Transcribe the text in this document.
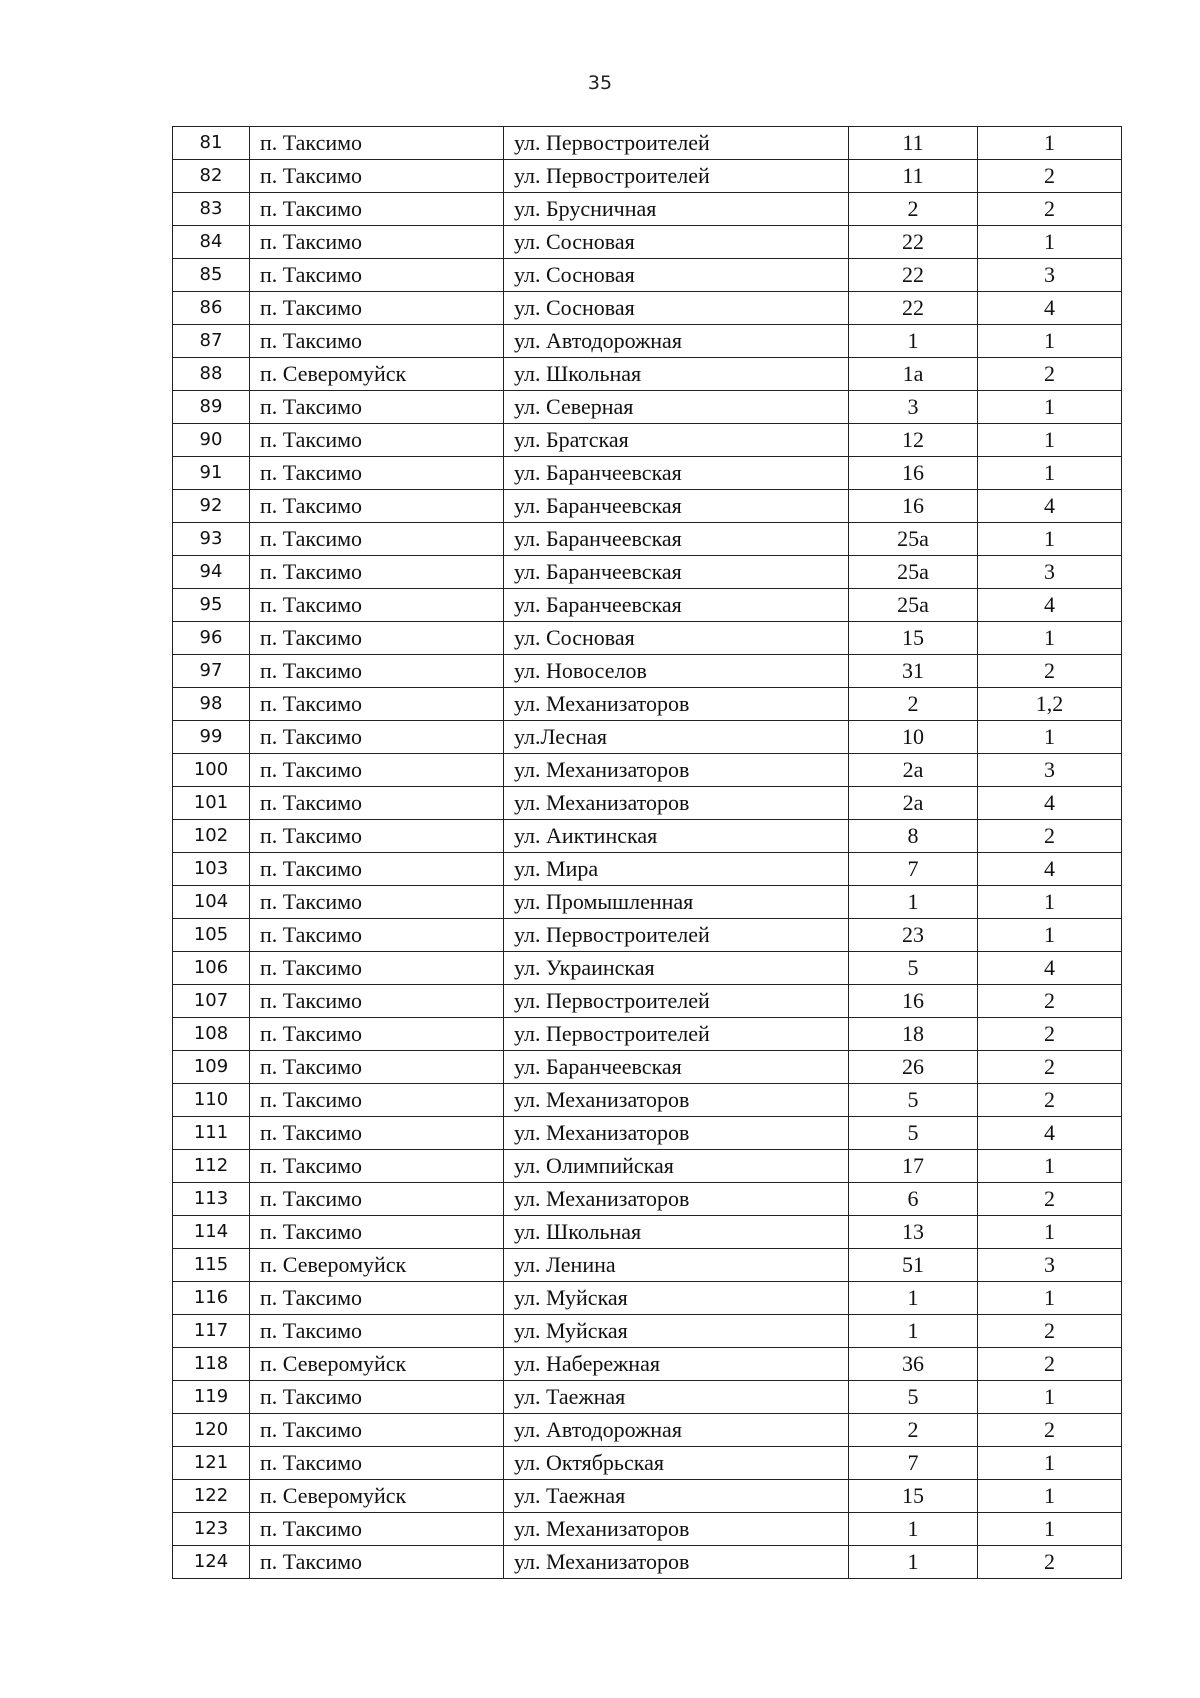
35
81	п. Таксимо	ул. Первостроителей	11	1
82	п. Таксимо	ул. Первостроителей	11	2
83	п. Таксимо	ул. Брусничная	2	2
84	п. Таксимо	ул. Сосновая	22	1
85	п. Таксимо	ул. Сосновая	22	3
86	п. Таксимо	ул. Сосновая	22	4
87	п. Таксимо	ул. Автодорожная	1	1
88	п. Северомуйск	ул. Школьная	1а	2
89	п. Таксимо	ул. Северная	3	1
90	п. Таксимо	ул. Братская	12	1
91	п. Таксимо	ул. Баранчеевская	16	1
92	п. Таксимо	ул. Баранчеевская	16	4
93	п. Таксимо	ул. Баранчеевская	25а	1
94	п. Таксимо	ул. Баранчеевская	25а	3
95	п. Таксимо	ул. Баранчеевская	25а	4
96	п. Таксимо	ул. Сосновая	15	1
97	п. Таксимо	ул. Новоселов	31	2
98	п. Таксимо	ул. Механизаторов	2	1,2
99	п. Таксимо	ул.Лесная	10	1
100	п. Таксимо	ул. Механизаторов	2а	3
101	п. Таксимо	ул. Механизаторов	2а	4
102	п. Таксимо	ул. Аиктинская	8	2
103	п. Таксимо	ул. Мира	7	4
104	п. Таксимо	ул. Промышленная	1	1
105	п. Таксимо	ул. Первостроителей	23	1
106	п. Таксимо	ул. Украинская	5	4
107	п. Таксимо	ул. Первостроителей	16	2
108	п. Таксимо	ул. Первостроителей	18	2
109	п. Таксимо	ул. Баранчеевская	26	2
110	п. Таксимо	ул. Механизаторов	5	2
111	п. Таксимо	ул. Механизаторов	5	4
112	п. Таксимо	ул. Олимпийская	17	1
113	п. Таксимо	ул. Механизаторов	6	2
114	п. Таксимо	ул. Школьная	13	1
115	п. Северомуйск	ул. Ленина	51	3
116	п. Таксимо	ул. Муйская	1	1
117	п. Таксимо	ул. Муйская	1	2
118	п. Северомуйск	ул. Набережная	36	2
119	п. Таксимо	ул. Таежная	5	1
120	п. Таксимо	ул. Автодорожная	2	2
121	п. Таксимо	ул. Октябрьская	7	1
122	п. Северомуйск	ул. Таежная	15	1
123	п. Таксимо	ул. Механизаторов	1	1
124	п. Таксимо	ул. Механизаторов	1	2
